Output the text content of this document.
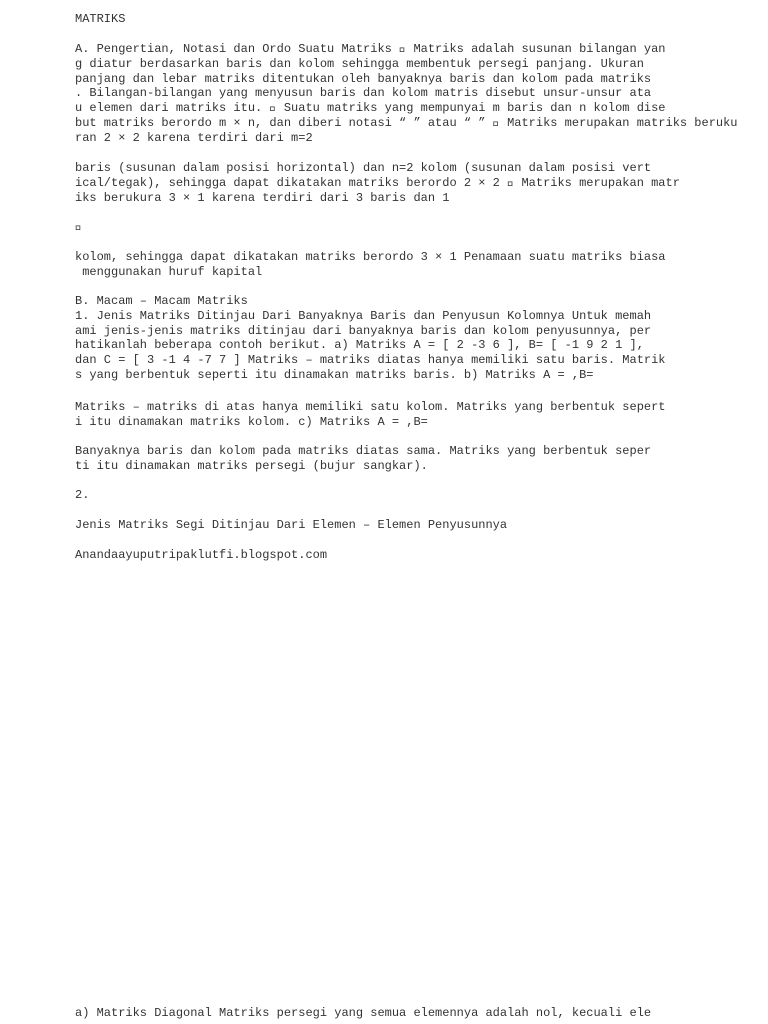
MATRIKS

A. Pengertian, Notasi dan Ordo Suatu Matriks   Matriks adalah susunan bilangan yan
g diatur berdasarkan baris dan kolom sehingga membentuk persegi panjang. Ukuran
panjang dan lebar matriks ditentukan oleh banyaknya baris dan kolom pada matriks
. Bilangan-bilangan yang menyusun baris dan kolom matris disebut unsur-unsur ata
u elemen dari matriks itu.   Suatu matriks yang mempunyai m baris dan n kolom dise
but matriks berordo m × n, dan diberi notasi “ ” atau “ ”   Matriks merupakan matriks beruku
ran 2 × 2 karena terdiri dari m=2

baris (susunan dalam posisi horizontal) dan n=2 kolom (susunan dalam posisi vert
ical/tegak), sehingga dapat dikatakan matriks berordo 2 × 2   Matriks merupakan matr
iks berukura 3 × 1 karena terdiri dari 3 baris dan 1

kolom, sehingga dapat dikatakan matriks berordo 3 × 1 Penamaan suatu matriks biasa
menggunakan huruf kapital

B. Macam – Macam Matriks
1. Jenis Matriks Ditinjau Dari Banyaknya Baris dan Penyusun Kolomnya Untuk memah
ami jenis-jenis matriks ditinjau dari banyaknya baris dan kolom penyusunnya, per
hatikanlah beberapa contoh berikut. a) Matriks A = [ 2 -3 6 ], B= [ -1 9 2 1 ],
dan C = [ 3 -1 4 -7 7 ] Matriks – matriks diatas hanya memiliki satu baris. Matrik
s yang berbentuk seperti itu dinamakan matriks baris. b) Matriks A = ,B=

Matriks – matriks di atas hanya memiliki satu kolom. Matriks yang berbentuk sepert
i itu dinamakan matriks kolom. c) Matriks A = ,B=

Banyaknya baris dan kolom pada matriks diatas sama. Matriks yang berbentuk seper
ti itu dinamakan matriks persegi (bujur sangkar).

2.

Jenis Matriks Segi Ditinjau Dari Elemen – Elemen Penyusunnya

Anandaayuputripaklutfi.blogspot.com

a) Matriks Diagonal Matriks persegi yang semua elemennya adalah nol, kecuali ele
